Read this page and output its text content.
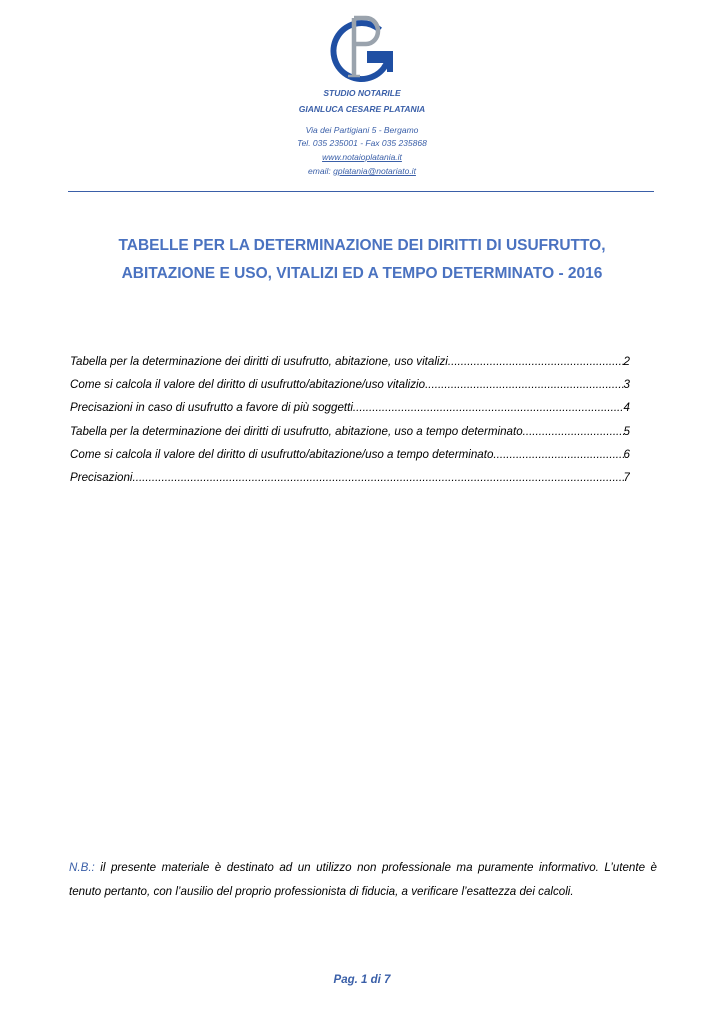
STUDIO NOTARILE
GIANLUCA CESARE PLATANIA
Via dei Partigiani 5 - Bergamo
Tel. 035 235001 - Fax 035 235868
www.notaioplatania.it
email: gplatania@notariato.it
TABELLE PER LA DETERMINAZIONE DEI DIRITTI DI USUFRUTTO,
ABITAZIONE E USO, VITALIZI ED A TEMPO DETERMINATO - 2016
Tabella per la determinazione dei diritti di usufrutto, abitazione, uso vitalizi .....	2
Come si calcola il valore del diritto di usufrutto/abitazione/uso vitalizio .....	3
Precisazioni in caso di usufrutto a favore di più soggetti .....	4
Tabella per la determinazione dei diritti di usufrutto, abitazione, uso a tempo determinato .....	5
Come si calcola il valore del diritto di usufrutto/abitazione/uso a tempo determinato .....	6
Precisazioni .....	7
N.B.: il presente materiale è destinato ad un utilizzo non professionale ma puramente informativo. L’utente è tenuto pertanto, con l’ausilio del proprio professionista di fiducia, a verificare l’esattezza dei calcoli.
Pag. 1 di 7
